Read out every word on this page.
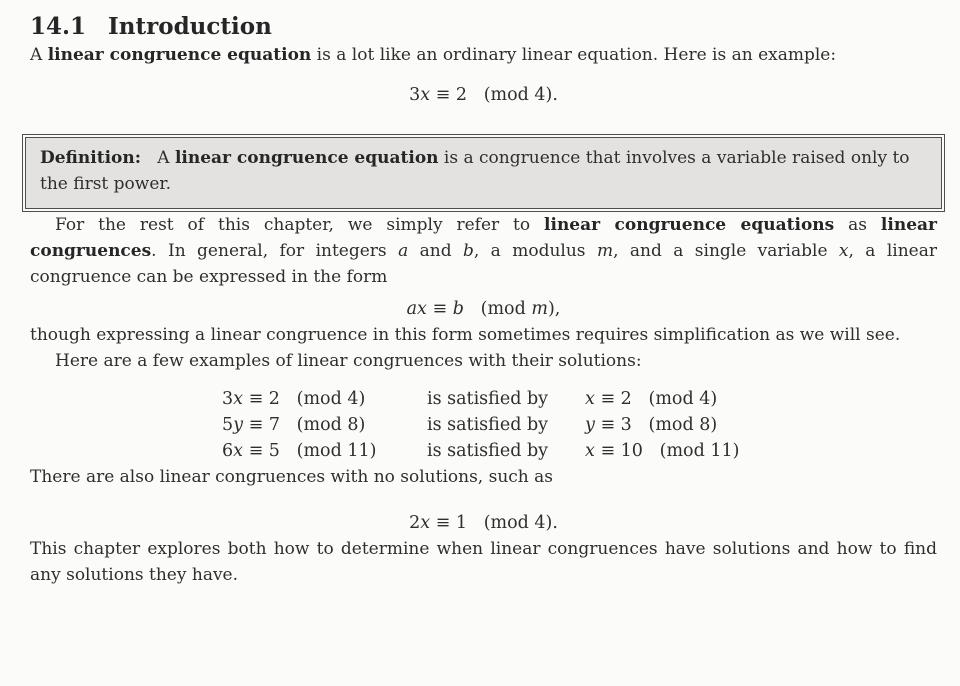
14.1 Introduction

A linear congruence equation is a lot like an ordinary linear equation. Here is an example:

3x ≡ 2   (mod 4).
Definition:   A linear congruence equation is a congruence that involves a variable raised only to the first power.

For the rest of this chapter, we simply refer to linear congruence equations as linear congruences. In general, for integers a and b, a modulus m, and a single variable x, a linear congruence can be expressed in the form

ax ≡ b   (mod m),

though expressing a linear congruence in this form sometimes requires simplification as we will see.

Here are a few examples of linear congruences with their solutions:

3x ≡ 2   (mod 4)	is satisfied by	x ≡ 2   (mod 4)
5y ≡ 7   (mod 8)	is satisfied by	y ≡ 3   (mod 8)
6x ≡ 5   (mod 11)	is satisfied by	x ≡ 10   (mod 11)

There are also linear congruences with no solutions, such as

2x ≡ 1   (mod 4).

This chapter explores both how to determine when linear congruences have solutions and how to find any solutions they have.
